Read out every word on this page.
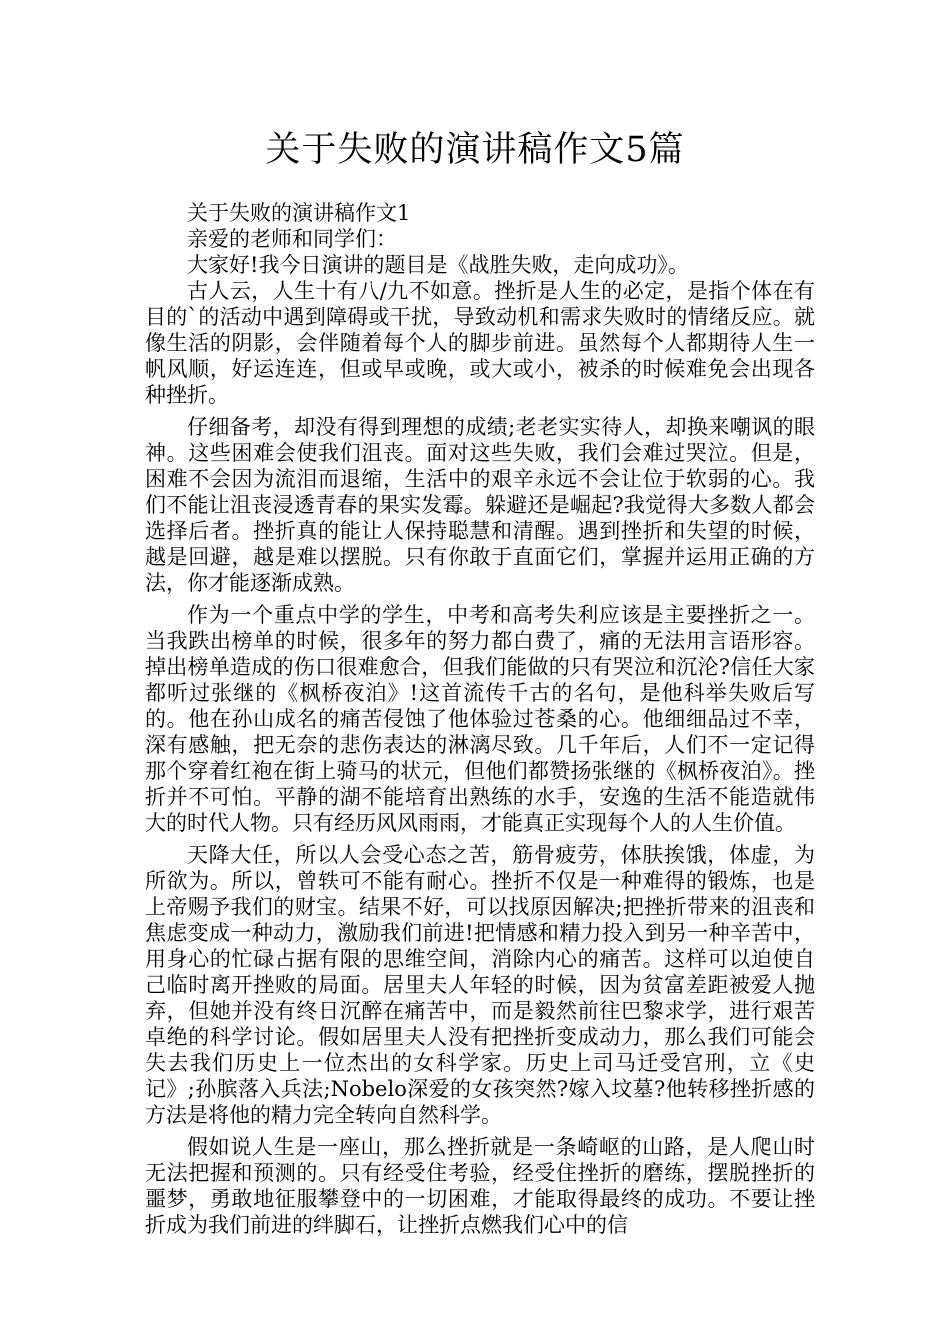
关于失败的演讲稿作文5篇

关于失败的演讲稿作文1

亲爱的老师和同学们：

大家好!我今日演讲的题目是《战胜失败，走向成功》。

古人云，人生十有八/九不如意。挫折是人生的必定，是指个体在有目的`的活动中遇到障碍或干扰，导致动机和需求失败时的情绪反应。就像生活的阴影，会伴随着每个人的脚步前进。虽然每个人都期待人生一帆风顺，好运连连，但或早或晚，或大或小，被杀的时候难免会出现各种挫折。

仔细备考，却没有得到理想的成绩;老老实实待人，却换来嘲讽的眼神。这些困难会使我们沮丧。面对这些失败，我们会难过哭泣。但是，困难不会因为流泪而退缩，生活中的艰辛永远不会让位于软弱的心。我们不能让沮丧浸透青春的果实发霉。躲避还是崛起?我觉得大多数人都会选择后者。挫折真的能让人保持聪慧和清醒。遇到挫折和失望的时候，越是回避，越是难以摆脱。只有你敢于直面它们，掌握并运用正确的方法，你才能逐渐成熟。

作为一个重点中学的学生，中考和高考失利应该是主要挫折之一。当我跌出榜单的时候，很多年的努力都白费了，痛的无法用言语形容。掉出榜单造成的伤口很难愈合，但我们能做的只有哭泣和沉沦?信任大家都听过张继的《枫桥夜泊》!这首流传千古的名句，是他科举失败后写的。他在孙山成名的痛苦侵蚀了他体验过苍桑的心。他细细品过不幸，深有感触，把无奈的悲伤表达的淋漓尽致。几千年后，人们不一定记得那个穿着红袍在街上骑马的状元，但他们都赞扬张继的《枫桥夜泊》。挫折并不可怕。平静的湖不能培育出熟练的水手，安逸的生活不能造就伟大的时代人物。只有经历风风雨雨，才能真正实现每个人的人生价值。

天降大任，所以人会受心态之苦，筋骨疲劳，体肤挨饿，体虚，为所欲为。所以，曾轶可不能有耐心。挫折不仅是一种难得的锻炼，也是上帝赐予我们的财宝。结果不好，可以找原因解决;把挫折带来的沮丧和焦虑变成一种动力，激励我们前进!把情感和精力投入到另一种辛苦中，用身心的忙碌占据有限的思维空间，消除内心的痛苦。这样可以迫使自己临时离开挫败的局面。居里夫人年轻的时候，因为贫富差距被爱人抛弃，但她并没有终日沉醉在痛苦中，而是毅然前往巴黎求学，进行艰苦卓绝的科学讨论。假如居里夫人没有把挫折变成动力，那么我们可能会失去我们历史上一位杰出的女科学家。历史上司马迁受宫刑，立《史记》;孙膑落入兵法;Nobelo深爱的女孩突然?嫁入坟墓?他转移挫折感的方法是将他的精力完全转向自然科学。

假如说人生是一座山，那么挫折就是一条崎岖的山路，是人爬山时无法把握和预测的。只有经受住考验，经受住挫折的磨练，摆脱挫折的噩梦，勇敢地征服攀登中的一切困难，才能取得最终的成功。不要让挫折成为我们前进的绊脚石，让挫折点燃我们心中的信
